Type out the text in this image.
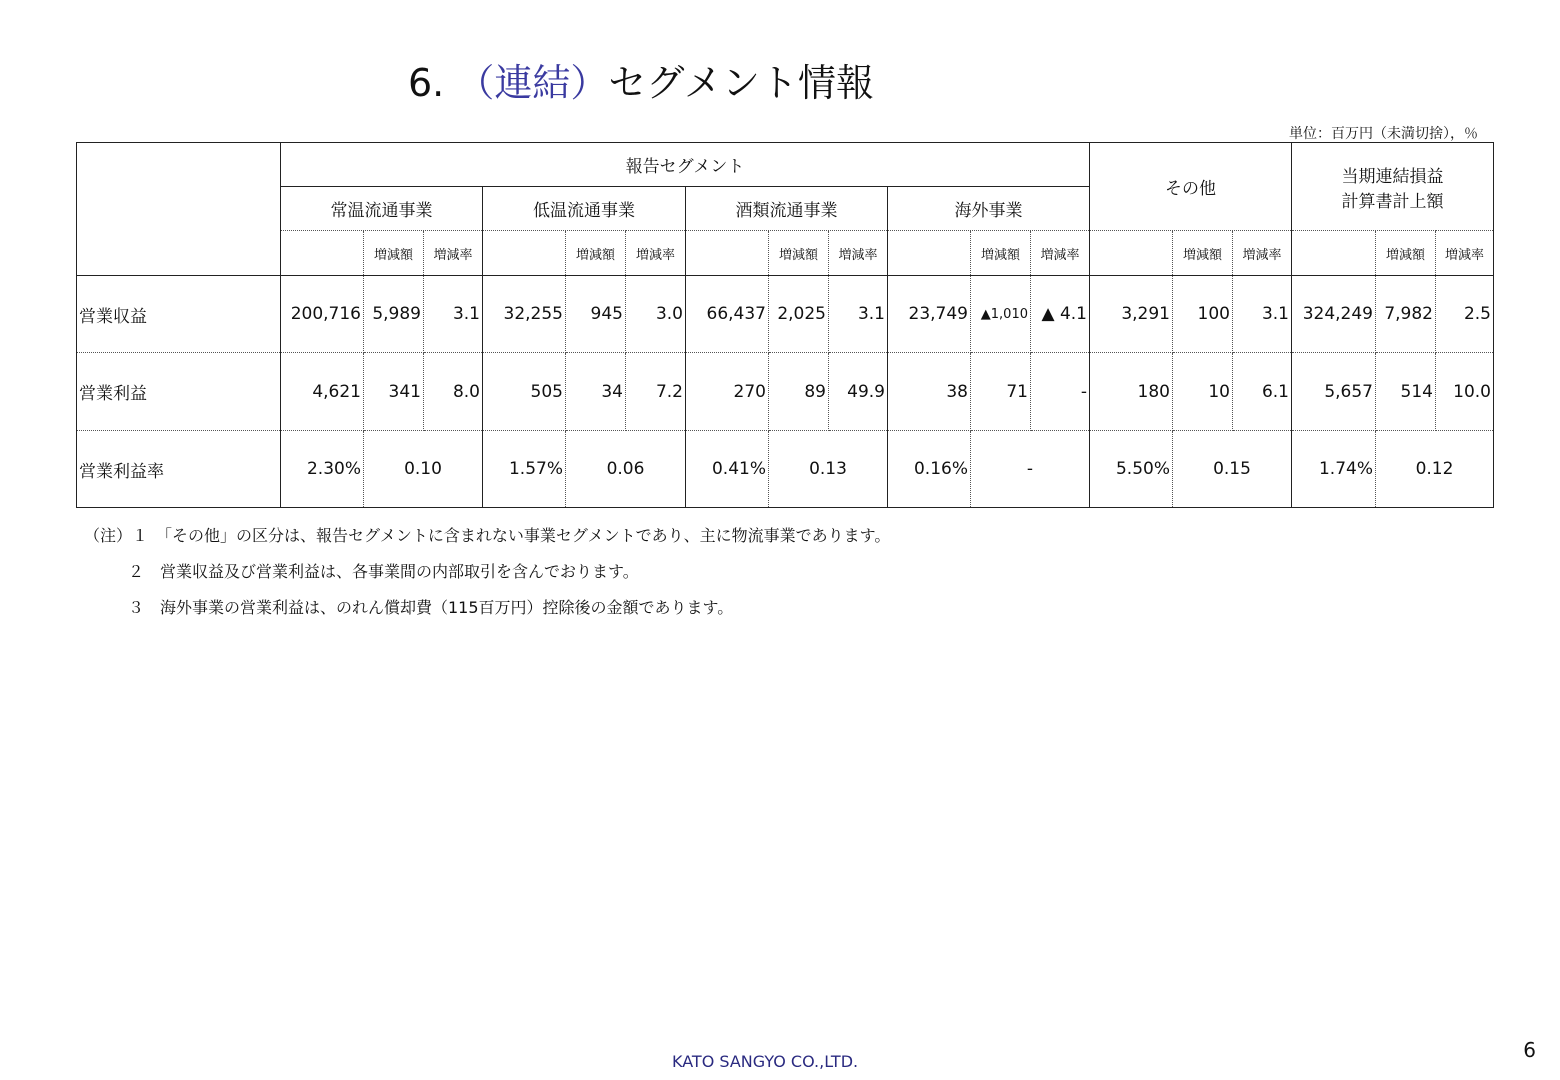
6. （連結）セグメント情報
単位：百万円（未満切捨），％
	報告セグメント												その他			当期連結損益
計算書計上額		

	常温流通事業			低温流通事業			酒類流通事業			海外事業								
		増減額	増減率		増減額	増減率		増減額	増減率		増減額	増減率		増減額	増減率		増減額	増減率
営業収益	200,716	5,989	3.1	32,255	945	3.0	66,437	2,025	3.1	23,749	▲1,010	▲ 4.1	3,291	100	3.1	324,249	7,982	2.5
営業利益	4,621	341	8.0	505	34	7.2	270	89	49.9	38	71	-	180	10	6.1	5,657	514	10.0
営業利益率	2.30%	0.10		1.57%	0.06		0.41%	0.13		0.16%	-		5.50%	0.15		1.74%	0.12	
（注）１　「その他」の区分は、報告セグメントに含まれない事業セグメントであり、主に物流事業であります。
２　営業収益及び営業利益は、各事業間の内部取引を含んでおります。
３　海外事業の営業利益は、のれん償却費（115百万円）控除後の金額であります。
KATO SANGYO CO.,LTD.	6
